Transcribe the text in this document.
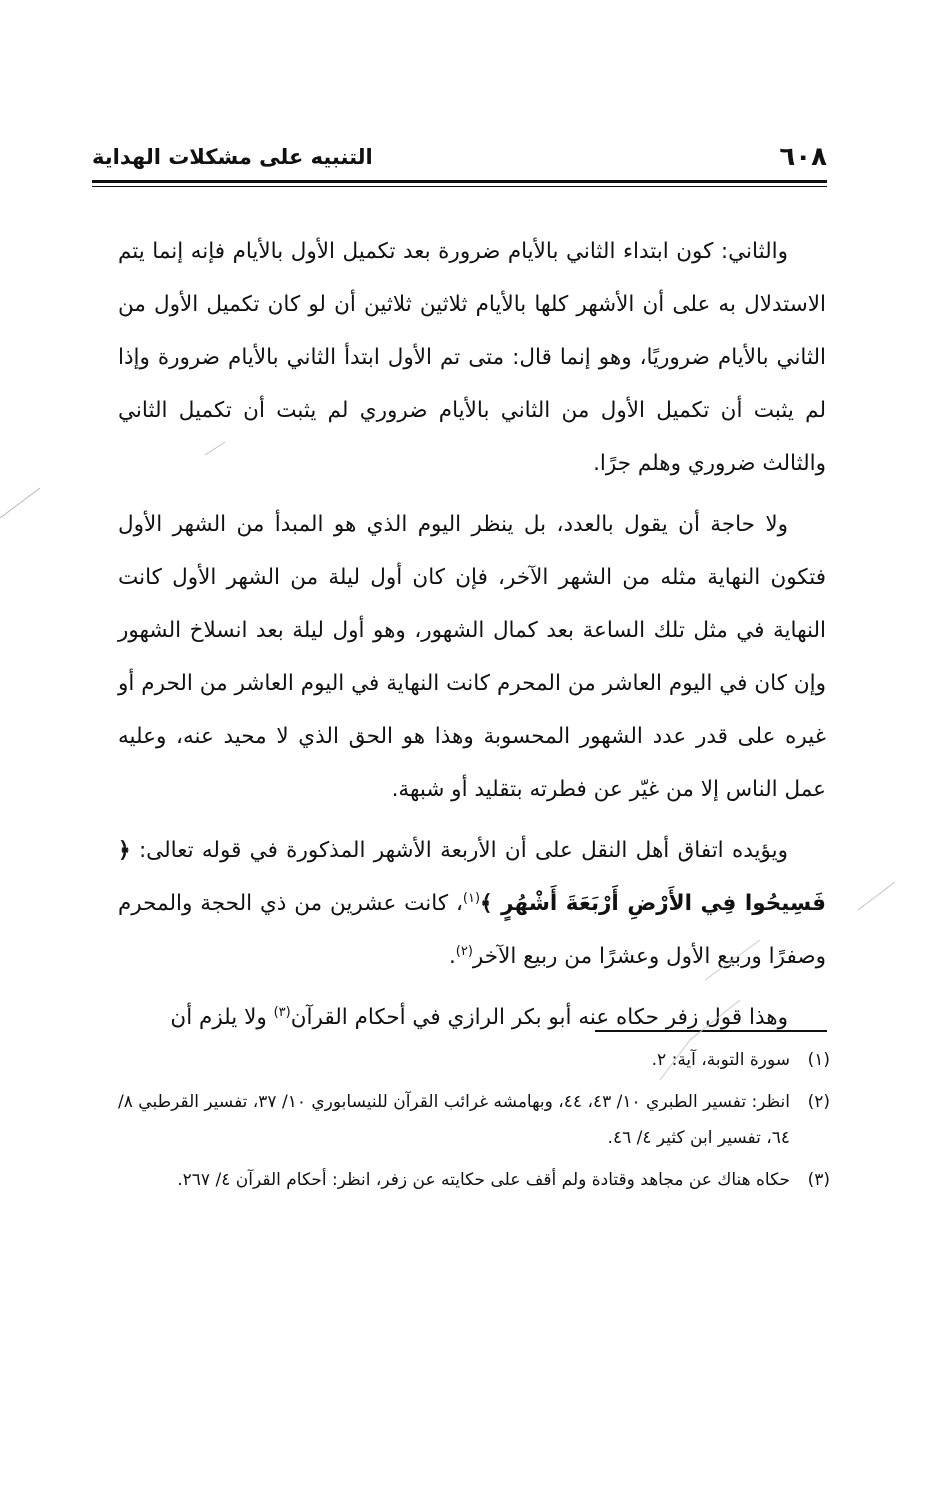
٦٠٨
التنبيه على مشكلات الهداية

والثاني: كون ابتداء الثاني بالأيام ضرورة بعد تكميل الأول بالأيام فإنه إنما يتم الاستدلال به على أن الأشهر كلها بالأيام ثلاثين ثلاثين أن لو كان تكميل الأول من الثاني بالأيام ضروريًا، وهو إنما قال: متى تم الأول ابتدأ الثاني بالأيام ضرورة وإذا لم يثبت أن تكميل الأول من الثاني بالأيام ضروري لم يثبت أن تكميل الثاني والثالث ضروري وهلم جرًا.

ولا حاجة أن يقول بالعدد، بل ينظر اليوم الذي هو المبدأ من الشهر الأول فتكون النهاية مثله من الشهر الآخر، فإن كان أول ليلة من الشهر الأول كانت النهاية في مثل تلك الساعة بعد كمال الشهور، وهو أول ليلة بعد انسلاخ الشهور وإن كان في اليوم العاشر من المحرم كانت النهاية في اليوم العاشر من الحرم أو غيره على قدر عدد الشهور المحسوبة وهذا هو الحق الذي لا محيد عنه، وعليه عمل الناس إلا من غيّر عن فطرته بتقليد أو شبهة.

ويؤيده اتفاق أهل النقل على أن الأربعة الأشهر المذكورة في قوله تعالى: ﴿ فَسِيحُوا فِي الأَرْضِ أَرْبَعَةَ أَشْهُرٍ ﴾$^{(١)}$، كانت عشرين من ذي الحجة والمحرم وصفرًا وربيع الأول وعشرًا من ربيع الآخر$^{(٢)}$.

وهذا قول زفر حكاه عنه أبو بكر الرازي في أحكام القرآن$^{(٣)}$ ولا يلزم أن

(١)
سورة التوبة، آية: ٢.
(٢)
انظر: تفسير الطبري ١٠/ ٤٣، ٤٤، وبهامشه غرائب القرآن للنيسابوري ١٠/ ٣٧، تفسير القرطبي ٨/ ٦٤، تفسير ابن كثير ٤/ ٤٦.
(٣)
حكاه هناك عن مجاهد وقتادة ولم أقف على حكايته عن زفر، انظر: أحكام القرآن ٤/ ٢٦٧.
